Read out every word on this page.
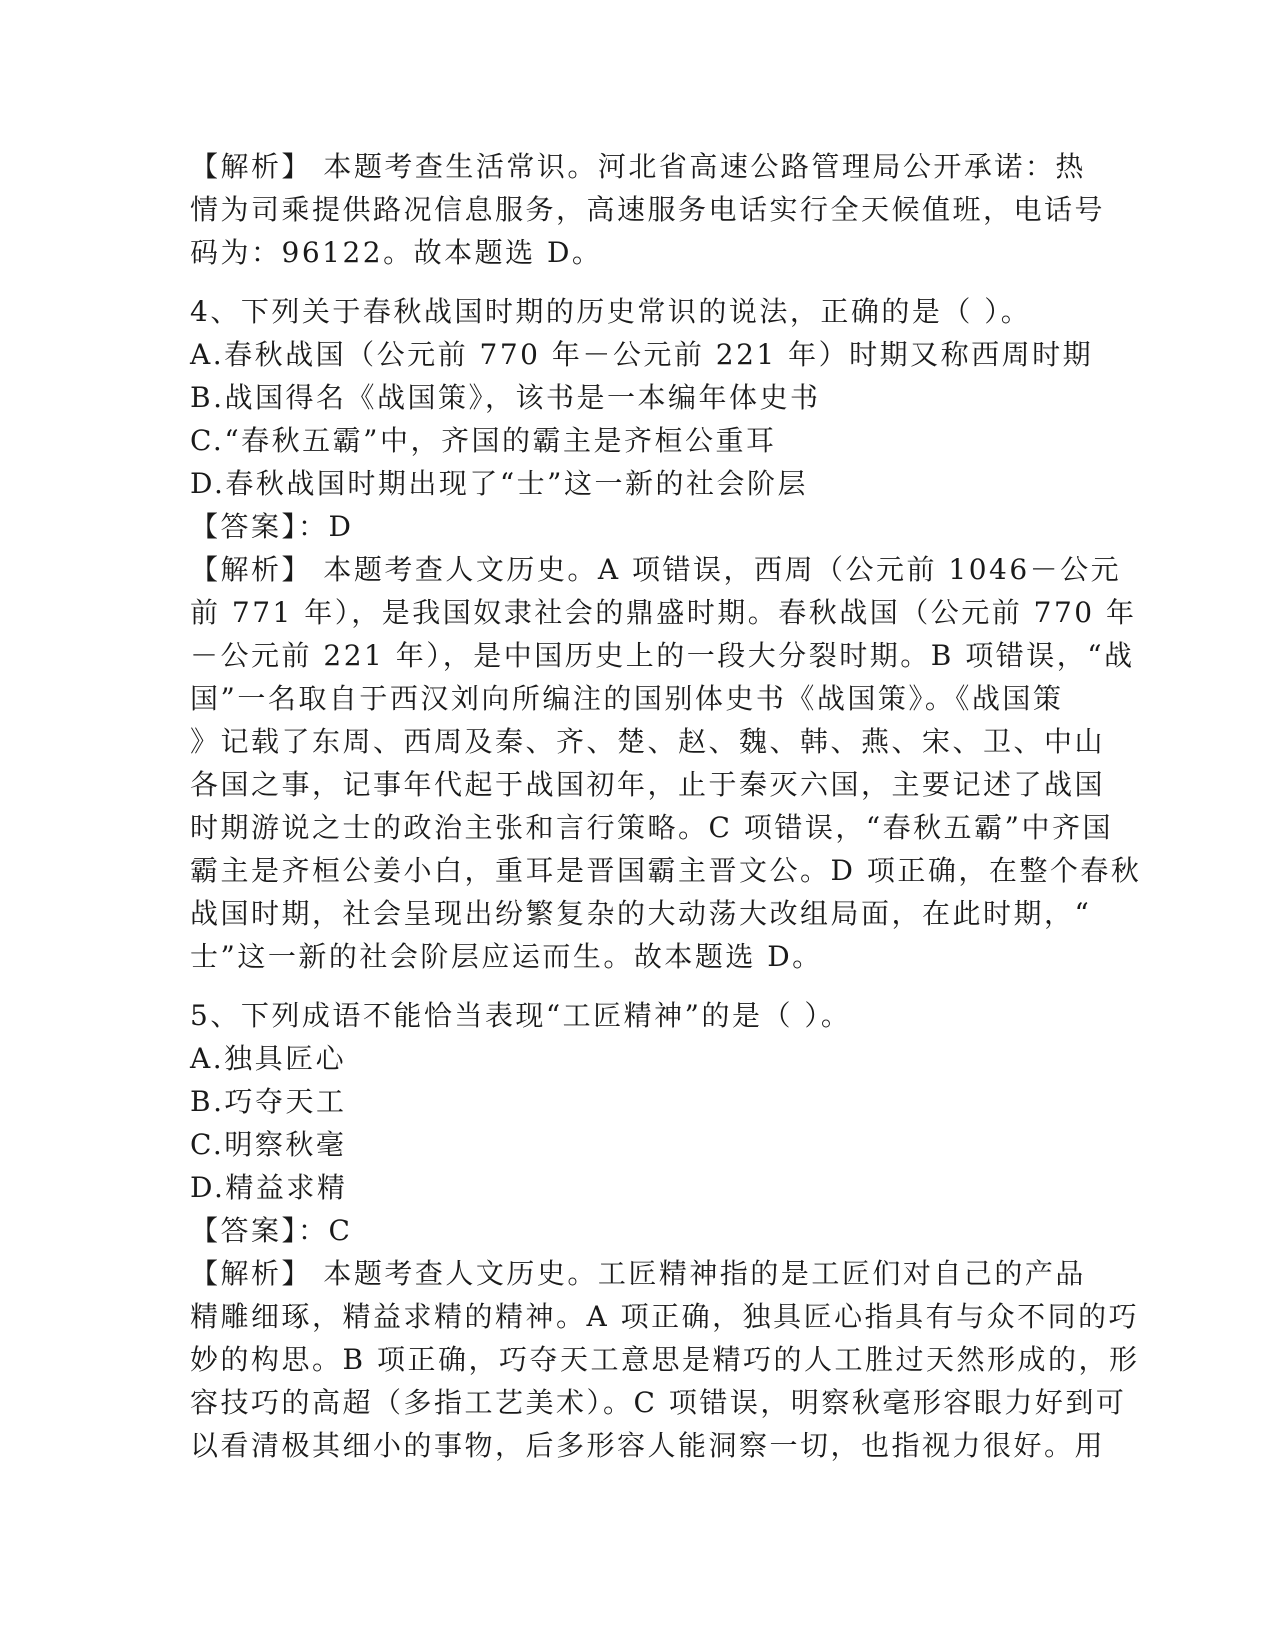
【解析】 本题考查生活常识。河北省高速公路管理局公开承诺：热
情为司乘提供路况信息服务，高速服务电话实行全天候值班，电话号
码为：96122。故本题选 D。
4、下列关于春秋战国时期的历史常识的说法，正确的是（ ）。
A.春秋战国（公元前 770 年－公元前 221 年）时期又称西周时期
B.战国得名《战国策》，该书是一本编年体史书
C.“春秋五霸”中，齐国的霸主是齐桓公重耳
D.春秋战国时期出现了“士”这一新的社会阶层
【答案】：D
【解析】 本题考查人文历史。A 项错误，西周（公元前 1046－公元
前 771 年），是我国奴隶社会的鼎盛时期。春秋战国（公元前 770 年
－公元前 221 年），是中国历史上的一段大分裂时期。B 项错误，“战
国”一名取自于西汉刘向所编注的国别体史书《战国策》。《战国策
》记载了东周、西周及秦、齐、楚、赵、魏、韩、燕、宋、卫、中山
各国之事，记事年代起于战国初年，止于秦灭六国，主要记述了战国
时期游说之士的政治主张和言行策略。C 项错误，“春秋五霸”中齐国
霸主是齐桓公姜小白，重耳是晋国霸主晋文公。D 项正确，在整个春秋
战国时期，社会呈现出纷繁复杂的大动荡大改组局面，在此时期，“
士”这一新的社会阶层应运而生。故本题选 D。
5、下列成语不能恰当表现“工匠精神”的是（ ）。
A.独具匠心
B.巧夺天工
C.明察秋毫
D.精益求精
【答案】：C
【解析】 本题考查人文历史。工匠精神指的是工匠们对自己的产品
精雕细琢，精益求精的精神。A 项正确，独具匠心指具有与众不同的巧
妙的构思。B 项正确，巧夺天工意思是精巧的人工胜过天然形成的，形
容技巧的高超（多指工艺美术）。C 项错误，明察秋毫形容眼力好到可
以看清极其细小的事物，后多形容人能洞察一切，也指视力很好。用
